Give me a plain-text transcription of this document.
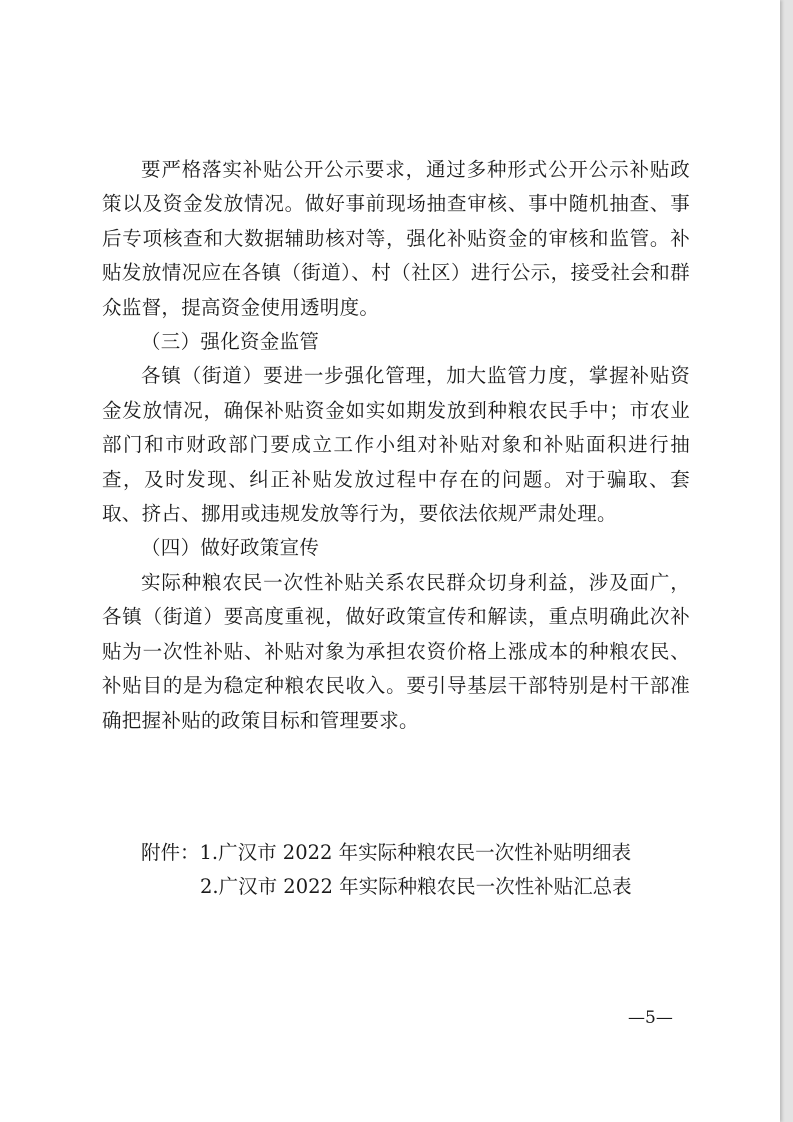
要严格落实补贴公开公示要求，通过多种形式公开公示补贴政策以及资金发放情况。做好事前现场抽查审核、事中随机抽查、事后专项核查和大数据辅助核对等，强化补贴资金的审核和监管。补贴发放情况应在各镇（街道）、村（社区）进行公示，接受社会和群众监督，提高资金使用透明度。

（三）强化资金监管

各镇（街道）要进一步强化管理，加大监管力度，掌握补贴资金发放情况，确保补贴资金如实如期发放到种粮农民手中；市农业部门和市财政部门要成立工作小组对补贴对象和补贴面积进行抽查，及时发现、纠正补贴发放过程中存在的问题。对于骗取、套取、挤占、挪用或违规发放等行为，要依法依规严肃处理。

（四）做好政策宣传

实际种粮农民一次性补贴关系农民群众切身利益，涉及面广，各镇（街道）要高度重视，做好政策宣传和解读，重点明确此次补贴为一次性补贴、补贴对象为承担农资价格上涨成本的种粮农民、补贴目的是为稳定种粮农民收入。要引导基层干部特别是村干部准确把握补贴的政策目标和管理要求。

附件：1.广汉市 2022 年实际种粮农民一次性补贴明细表
2.广汉市 2022 年实际种粮农民一次性补贴汇总表
—5—
